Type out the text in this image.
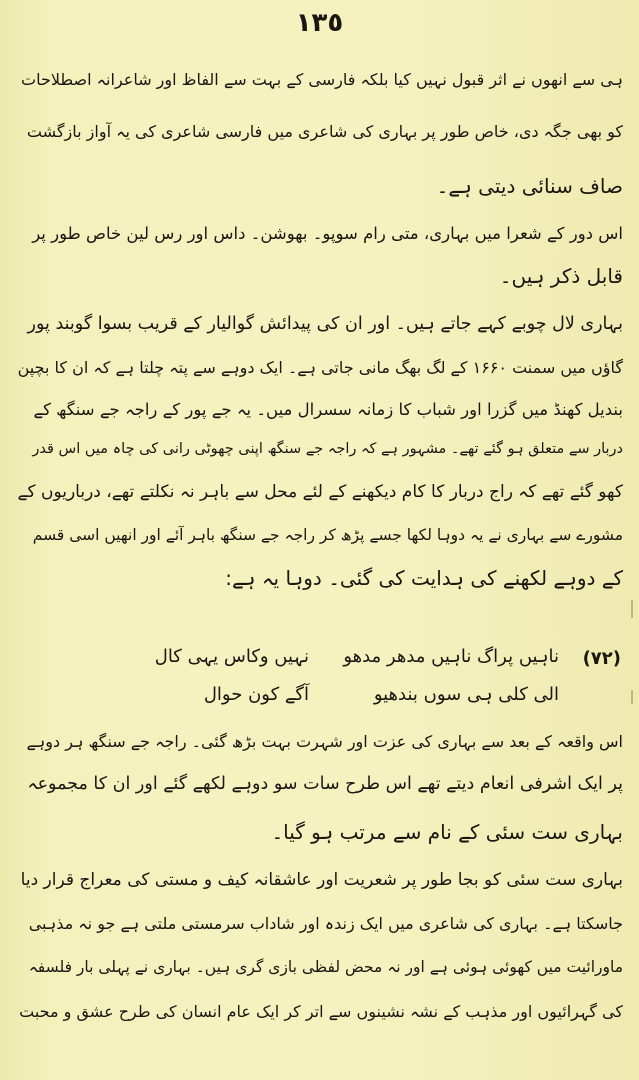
١٣٥
ہی سے انھوں نے اثر قبول نہیں کیا بلکہ فارسی کے بہت سے الفاظ اور شاعرانہ اصطلاحات
کو بھی جگہ دی، خاص طور پر بہاری کی شاعری میں فارسی شاعری کی یہ آواز بازگشت
صاف سنائی دیتی ہے۔
اس دور کے شعرا میں بہاری، متی رام سوپو۔ بھوشن۔ داس اور رس لین خاص طور پر
قابل ذکر ہیں۔
بہاری لال چوبے کہے جاتے ہیں۔ اور ان کی پیدائش گوالیار کے قریب بسوا گوبند پور
گاؤں میں سمنت ۱۶۶۰ کے لگ بھگ مانی جاتی ہے۔ ایک دوہے سے پتہ چلتا ہے کہ ان کا بچپن
بندیل کھنڈ میں گزرا اور شباب کا زمانہ سسرال میں۔ یہ جے پور کے راجہ جے سنگھ کے
دربار سے متعلق ہو گئے تھے۔ مشہور ہے کہ راجہ جے سنگھ اپنی چھوٹی رانی کی چاہ میں اس قدر
کھو گئے تھے کہ راج دربار کا کام دیکھنے کے لئے محل سے باہر نہ نکلتے تھے، درباریوں کے
مشورے سے بہاری نے یہ دوہا لکھا جسے پڑھ کر راجہ جے سنگھ باہر آئے اور انھیں اسی قسم
کے دوہے لکھنے کی ہدایت کی گئی۔ دوہا یہ ہے:
(۷۲)
ناہیں پراگ ناہیں مدھر مدھو
نہیں وکاس یہی کال
الی کلی ہی سوں بندھیو
آگے کون حوال
اس واقعہ کے بعد سے بہاری کی عزت اور شہرت بہت بڑھ گئی۔ راجہ جے سنگھ ہر دوہے
پر ایک اشرفی انعام دیتے تھے اس طرح سات سو دوہے لکھے گئے اور ان کا مجموعہ
بہاری ست سئی کے نام سے مرتب ہو گیا۔
بہاری ست سئی کو بجا طور پر شعریت اور عاشقانہ کیف و مستی کی معراج قرار دیا
جاسکتا ہے۔ بہاری کی شاعری میں ایک زندہ اور شاداب سرمستی ملتی ہے جو نہ مذہبی
ماورائیت میں کھوئی ہوئی ہے اور نہ محض لفظی بازی گری ہیں۔ بہاری نے پہلی بار فلسفہ
کی گہرائیوں اور مذہب کے نشہ نشینوں سے اتر کر ایک عام انسان کی طرح عشق و محبت
